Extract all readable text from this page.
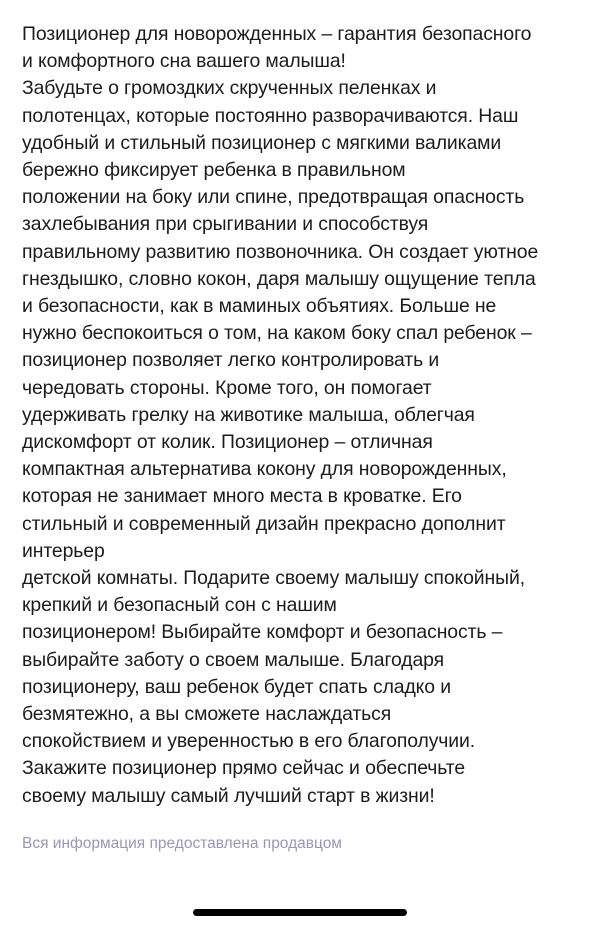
Позиционер для новорожденных – гарантия безопасного
и комфортного сна вашего малыша!
Забудьте о громоздких скрученных пеленках и
полотенцах, которые постоянно разворачиваются. Наш
удобный и стильный позиционер с мягкими валиками
бережно фиксирует ребенка в правильном
положении на боку или спине, предотвращая опасность
захлебывания при срыгивании и способствуя
правильному развитию позвоночника. Он создает уютное
гнездышко, словно кокон, даря малышу ощущение тепла
и безопасности, как в маминых объятиях. Больше не
нужно беспокоиться о том, на каком боку спал ребенок –
позиционер позволяет легко контролировать и
чередовать стороны. Кроме того, он помогает
удерживать грелку на животике малыша, облегчая
дискомфорт от колик. Позиционер – отличная
компактная альтернатива кокону для новорожденных,
которая не занимает много места в кроватке. Его
стильный и современный дизайн прекрасно дополнит
интерьер
детской комнаты. Подарите своему малышу спокойный,
крепкий и безопасный сон с нашим
позиционером! Выбирайте комфорт и безопасность –
выбирайте заботу о своем малыше. Благодаря
позиционеру, ваш ребенок будет спать сладко и
безмятежно, а вы сможете наслаждаться
спокойствием и уверенностью в его благополучии.
Закажите позиционер прямо сейчас и обеспечьте
своему малышу самый лучший старт в жизни!
Вся информация предоставлена продавцом
